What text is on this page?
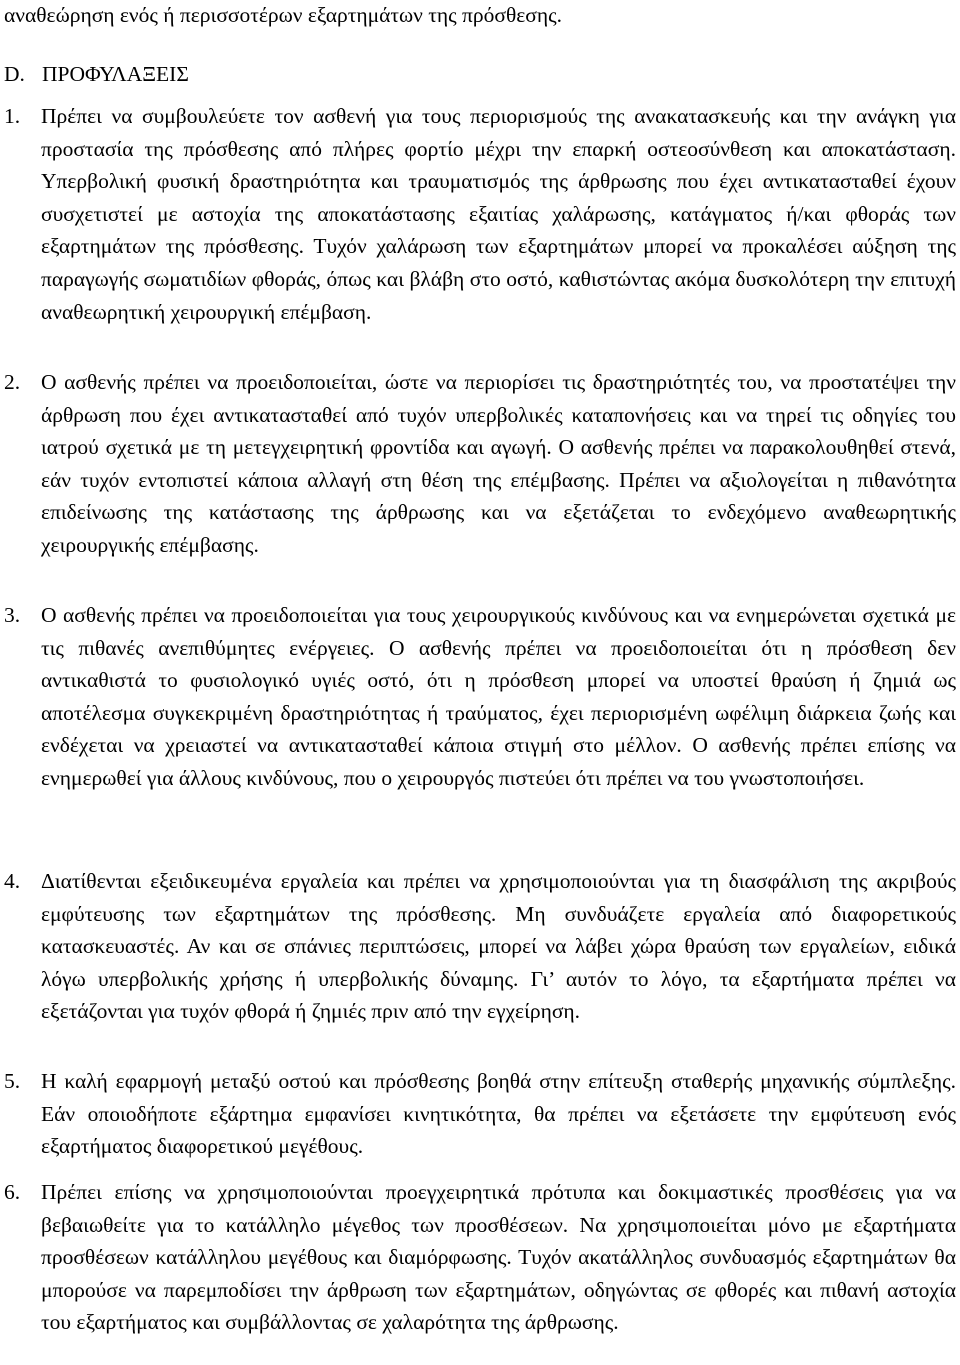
αναθεώρηση ενός ή περισσοτέρων εξαρτημάτων της πρόσθεσης.
D. ΠΡΟΦΥΛΑΞΕΙΣ
1. Πρέπει να συμβουλεύετε τον ασθενή για τους περιορισμούς της ανακατασκευής και την ανάγκη για προστασία της πρόσθεσης από πλήρες φορτίο μέχρι την επαρκή οστεοσύνθεση και αποκατάσταση. Υπερβολική φυσική δραστηριότητα και τραυματισμός της άρθρωσης που έχει αντικατασταθεί έχουν συσχετιστεί με αστοχία της αποκατάστασης εξαιτίας χαλάρωσης, κατάγματος ή/και φθοράς των εξαρτημάτων της πρόσθεσης. Τυχόν χαλάρωση των εξαρτημάτων μπορεί να προκαλέσει αύξηση της παραγωγής σωματιδίων φθοράς, όπως και βλάβη στο οστό, καθιστώντας ακόμα δυσκολότερη την επιτυχή αναθεωρητική χειρουργική επέμβαση.
2. Ο ασθενής πρέπει να προειδοποιείται, ώστε να περιορίσει τις δραστηριότητές του, να προστατέψει την άρθρωση που έχει αντικατασταθεί από τυχόν υπερβολικές καταπονήσεις και να τηρεί τις οδηγίες του ιατρού σχετικά με τη μετεγχειρητική φροντίδα και αγωγή. Ο ασθενής πρέπει να παρακολουθηθεί στενά, εάν τυχόν εντοπιστεί κάποια αλλαγή στη θέση της επέμβασης. Πρέπει να αξιολογείται η πιθανότητα επιδείνωσης της κατάστασης της άρθρωσης και να εξετάζεται το ενδεχόμενο αναθεωρητικής χειρουργικής επέμβασης.
3. Ο ασθενής πρέπει να προειδοποιείται για τους χειρουργικούς κινδύνους και να ενημερώνεται σχετικά με τις πιθανές ανεπιθύμητες ενέργειες. Ο ασθενής πρέπει να προειδοποιείται ότι η πρόσθεση δεν αντικαθιστά το φυσιολογικό υγιές οστό, ότι η πρόσθεση μπορεί να υποστεί θραύση ή ζημιά ως αποτέλεσμα συγκεκριμένη δραστηριότητας ή τραύματος, έχει περιορισμένη ωφέλιμη διάρκεια ζωής και ενδέχεται να χρειαστεί να αντικατασταθεί κάποια στιγμή στο μέλλον. Ο ασθενής πρέπει επίσης να ενημερωθεί για άλλους κινδύνους, που ο χειρουργός πιστεύει ότι πρέπει να του γνωστοποιήσει.
4. Διατίθενται εξειδικευμένα εργαλεία και πρέπει να χρησιμοποιούνται για τη διασφάλιση της ακριβούς εμφύτευσης των εξαρτημάτων της πρόσθεσης. Μη συνδυάζετε εργαλεία από διαφορετικούς κατασκευαστές. Αν και σε σπάνιες περιπτώσεις, μπορεί να λάβει χώρα θραύση των εργαλείων, ειδικά λόγω υπερβολικής χρήσης ή υπερβολικής δύναμης. Γι’ αυτόν το λόγο, τα εξαρτήματα πρέπει να εξετάζονται για τυχόν φθορά ή ζημιές πριν από την εγχείρηση.
5. Η καλή εφαρμογή μεταξύ οστού και πρόσθεσης βοηθά στην επίτευξη σταθερής μηχανικής σύμπλεξης. Εάν οποιοδήποτε εξάρτημα εμφανίσει κινητικότητα, θα πρέπει να εξετάσετε την εμφύτευση ενός εξαρτήματος διαφορετικού μεγέθους.
6. Πρέπει επίσης να χρησιμοποιούνται προεγχειρητικά πρότυπα και δοκιμαστικές προσθέσεις για να βεβαιωθείτε για το κατάλληλο μέγεθος των προσθέσεων. Να χρησιμοποιείται μόνο με εξαρτήματα προσθέσεων κατάλληλου μεγέθους και διαμόρφωσης. Τυχόν ακατάλληλος συνδυασμός εξαρτημάτων θα μπορούσε να παρεμποδίσει την άρθρωση των εξαρτημάτων, οδηγώντας σε φθορές και πιθανή αστοχία του εξαρτήματος και συμβάλλοντας σε χαλαρότητα της άρθρωσης.
